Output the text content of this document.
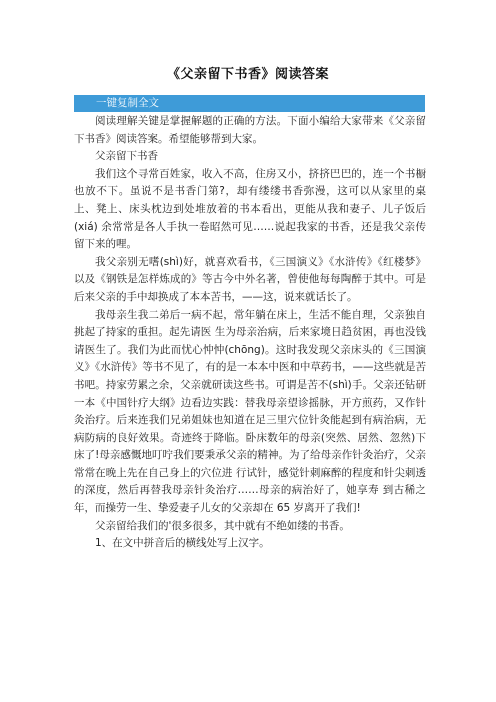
《父亲留下书香》阅读答案
一键复制全文

阅读理解关键是掌握解题的正确的方法。下面小编给大家带来《父亲留下书香》阅读答案。希望能够帮到大家。

父亲留下书香

我们这个寻常百姓家，收入不高，住房又小，挤挤巴巴的，连一个书橱也放不下。虽说不是书香门第?，却有缕缕书香弥漫，这可以从家里的桌上、凳上、床头枕边到处堆放着的书本看出，更能从我和妻子、儿子饭后(xiá) 余常常是各人手执一卷昭然可见……说起我家的书香，还是我父亲传留下来的哩。

我父亲别无嗜(shì)好，就喜欢看书，《三国演义》《水浒传》《红楼梦》以及《钢铁是怎样炼成的》等古今中外名著，曾使他每每陶醉于其中。可是后来父亲的手中却换成了本本苦书，——这，说来就话长了。

我母亲生我二弟后一病不起，常年躺在床上，生活不能自理，父亲独自挑起了持家的重担。起先请医 生为母亲治病，后来家境日趋贫困，再也没钱请医生了。我们为此而忧心忡忡(chōng)。这时我发现父亲床头的《三国演义》《水浒传》等书不见了，有的是一本本中医和中草药书，——这些就是苦书吧。持家劳累之余，父亲就研读这些书。可谓是苦不(shì)手。父亲还钻研一本《中国针疗大纲》边看边实践：替我母亲望诊摇脉，开方煎药，又作针灸治疗。后来连我们兄弟姐妹也知道在足三里穴位针灸能起到有病治病，无病防病的良好效果。奇迹终于降临。卧床数年的母亲(突然、居然、忽然)下床了!母亲感慨地叮咛我们要秉承父亲的精神。为了给母亲作针灸治疗，父亲常常在晚上先在自己身上的穴位进 行试针，感觉针刺麻醉的程度和针尖刺透的深度，然后再替我母亲针灸治疗……母亲的病治好了，她享寿 到古稀之年，而操劳一生、挚爱妻子儿女的父亲却在 65 岁离开了我们!

父亲留给我们的'很多很多，其中就有不绝如缕的书香。

1、在文中拼音后的横线处写上汉字。
